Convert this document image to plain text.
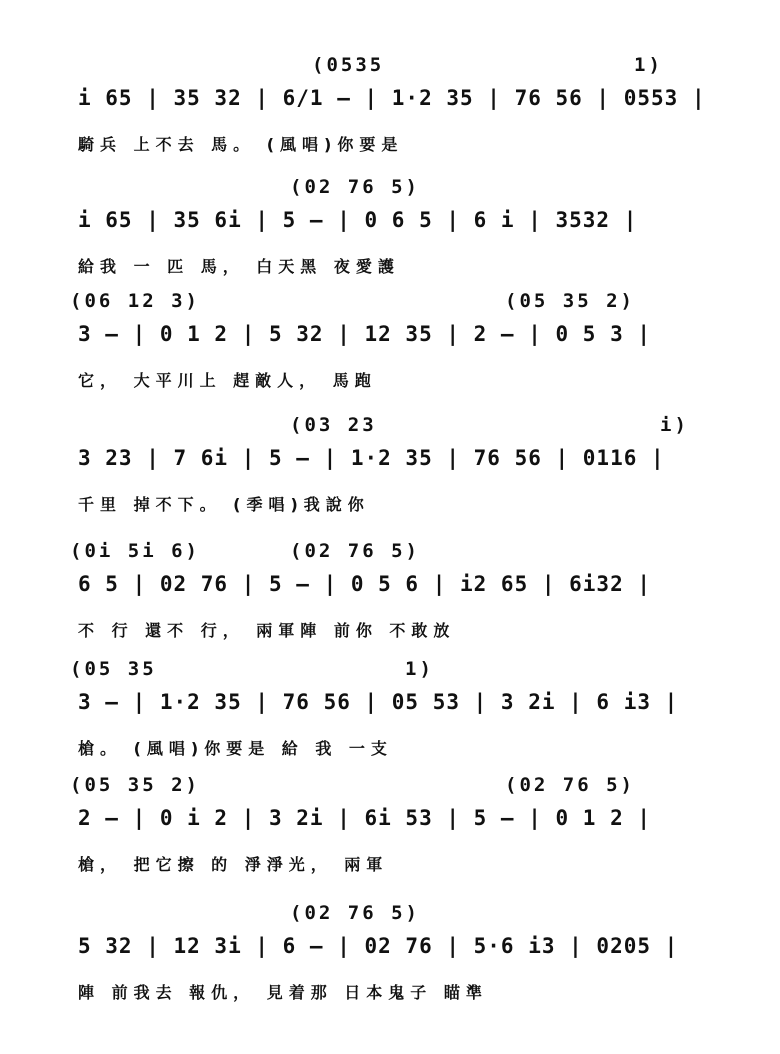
(0535	1)
i 65 | 35 32 | 6/1 — | 1·2 35 | 76 56 | 0553 |
騎兵 上不去 馬。 (風唱)你要是
(02 76 5)
i 65 | 35 6i | 5 — | 0 6 5 | 6 i | 3532 |
給我 一 匹 馬， 白天黑 夜愛護
(06 12 3)	(05 35 2)
3 — | 0 1 2 | 5 32 | 12 35 | 2 — | 0 5 3 |
它， 大平川上 趕敵人， 馬跑
(03 23	i)
3 23 | 7 6i | 5 — | 1·2 35 | 76 56 | 0116 |
千里 掉不下。 (季唱)我說你
(0i 5i 6)	(02 76 5)
6 5 | 02 76 | 5 — | 0 5 6 | i2 65 | 6i32 |
不 行 還不 行， 兩軍陣 前你 不敢放
(05 35	1)
3 — | 1·2 35 | 76 56 | 05 53 | 3 2i | 6 i3 |
槍。 (風唱)你要是 給 我 一支
(05 35 2)	(02 76 5)
2 — | 0 i 2 | 3 2i | 6i 53 | 5 — | 0 1 2 |
槍， 把它擦 的 淨淨光， 兩軍
(02 76 5)
5 32 | 12 3i | 6 — | 02 76 | 5·6 i3 | 0205 |
陣 前我去 報仇， 見着那 日本鬼子 瞄準
